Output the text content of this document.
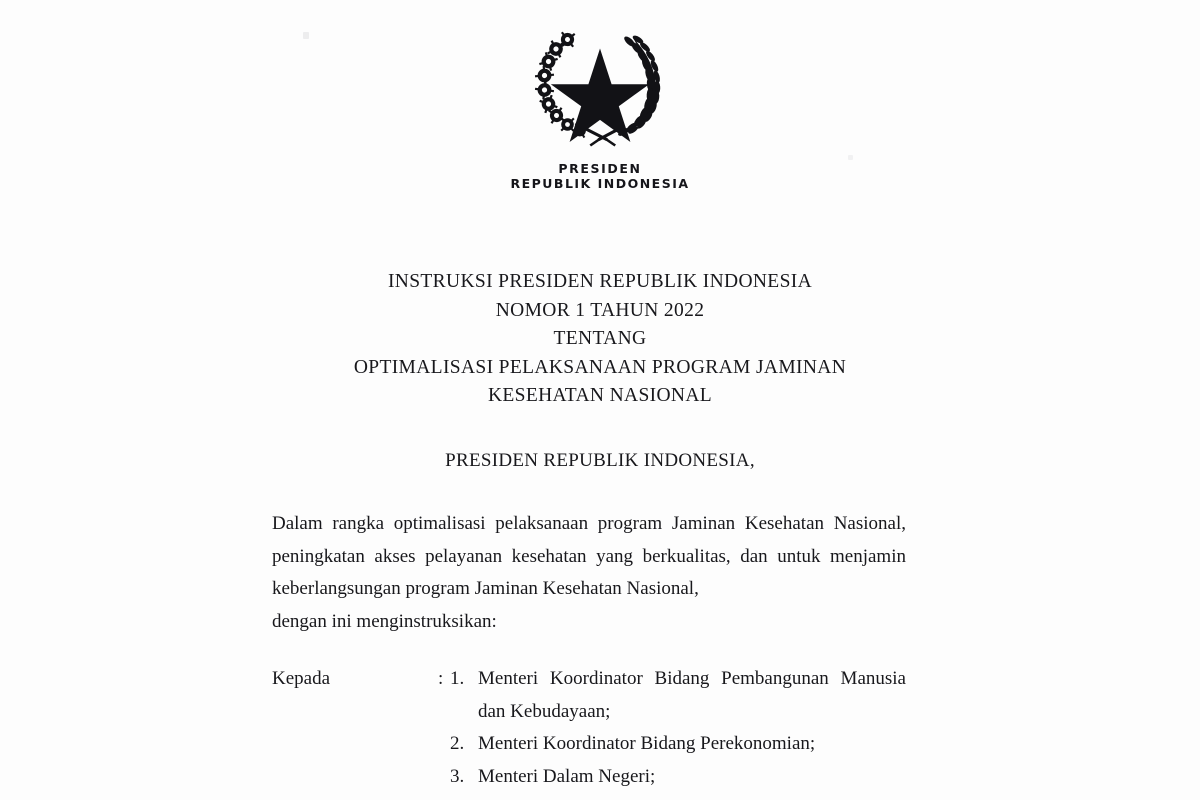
PRESIDEN
REPUBLIK INDONESIA
INSTRUKSI PRESIDEN REPUBLIK INDONESIA
NOMOR 1 TAHUN 2022
TENTANG
OPTIMALISASI PELAKSANAAN PROGRAM JAMINAN
KESEHATAN NASIONAL
PRESIDEN REPUBLIK INDONESIA,
Dalam rangka optimalisasi pelaksanaan program Jaminan Kesehatan Nasional, peningkatan akses pelayanan kesehatan yang berkualitas, dan untuk menjamin keberlangsungan program Jaminan Kesehatan Nasional,
dengan ini menginstruksikan:
Kepada	: 1. Menteri Koordinator Bidang Pembangunan Manusia dan Kebudayaan;
2. Menteri Koordinator Bidang Perekonomian;
3. Menteri Dalam Negeri;
